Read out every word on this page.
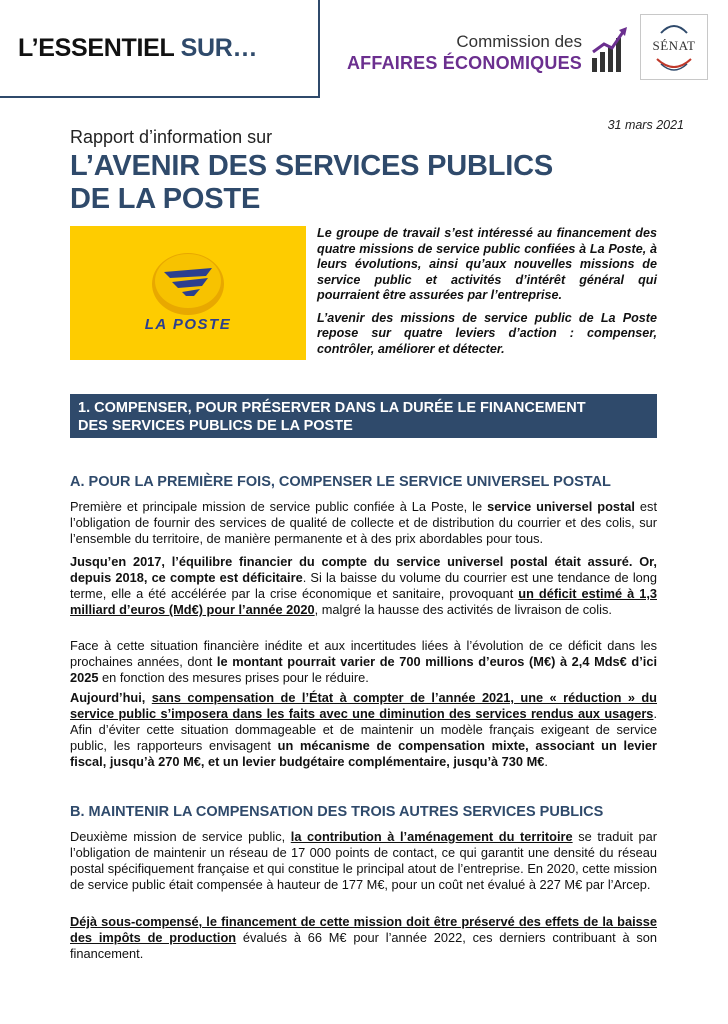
L’ESSENTIEL SUR…	Commission des
AFFAIRES ÉCONOMIQUES
SÉNAT
31 mars 2021
Rapport d’information sur
L’AVENIR DES SERVICES PUBLICS
DE LA POSTE
LA POSTE

Le groupe de travail s’est intéressé au financement des quatre missions de service public confiées à La Poste, à leurs évolutions, ainsi qu’aux nouvelles missions de service public et activités d’intérêt général qui pourraient être assurées par l’entreprise.

L’avenir des missions de service public de La Poste repose sur quatre leviers d’action : compenser, contrôler, améliorer et détecter.

1. COMPENSER, POUR PRÉSERVER DANS LA DURÉE LE FINANCEMENT
DES SERVICES PUBLICS DE LA POSTE
A. POUR LA PREMIÈRE FOIS, COMPENSER LE SERVICE UNIVERSEL POSTAL

Première et principale mission de service public confiée à La Poste, le service universel postal est l’obligation de fournir des services de qualité de collecte et de distribution du courrier et des colis, sur l’ensemble du territoire, de manière permanente et à des prix abordables pour tous.

Jusqu’en 2017, l’équilibre financier du compte du service universel postal était assuré. Or, depuis 2018, ce compte est déficitaire. Si la baisse du volume du courrier est une tendance de long terme, elle a été accélérée par la crise économique et sanitaire, provoquant un déficit estimé à 1,3 milliard d’euros (Md€) pour l’année 2020, malgré la hausse des activités de livraison de colis.

Face à cette situation financière inédite et aux incertitudes liées à l’évolution de ce déficit dans les prochaines années, dont le montant pourrait varier de 700 millions d’euros (M€) à 2,4 Mds€ d’ici 2025 en fonction des mesures prises pour le réduire.

Aujourd’hui, sans compensation de l’État à compter de l’année 2021, une « réduction » du service public s’imposera dans les faits avec une diminution des services rendus aux usagers. Afin d’éviter cette situation dommageable et de maintenir un modèle français exigeant de service public, les rapporteurs envisagent un mécanisme de compensation mixte, associant un levier fiscal, jusqu’à 270 M€, et un levier budgétaire complémentaire, jusqu’à 730 M€.

B. MAINTENIR LA COMPENSATION DES TROIS AUTRES SERVICES PUBLICS

Deuxième mission de service public, la contribution à l’aménagement du territoire se traduit par l’obligation de maintenir un réseau de 17 000 points de contact, ce qui garantit une densité du réseau postal spécifiquement française et qui constitue le principal atout de l’entreprise. En 2020, cette mission de service public était compensée à hauteur de 177 M€, pour un coût net évalué à 227 M€ par l’Arcep.

Déjà sous-compensé, le financement de cette mission doit être préservé des effets de la baisse des impôts de production évalués à 66 M€ pour l’année 2022, ces derniers contribuant à son financement.
